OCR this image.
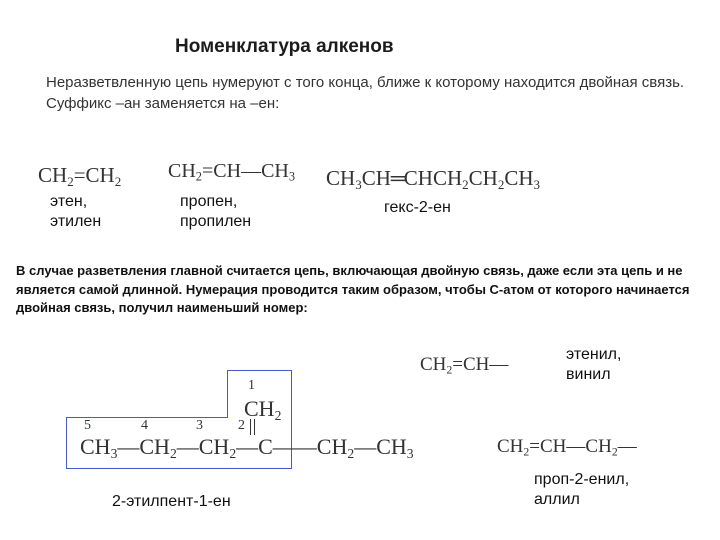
Номенклатура алкенов
Неразветвленную цепь нумеруют с того конца, ближе к которому находится двойная связь. Суффикс –ан заменяется на –ен:
$CH_2=CH_2$
этен,
этилен
$CH_2=CH—CH_3$
пропен,
пропилен
$CH_3CH═CHCH_2CH_2CH_3$
гекс-2-ен
В случае разветвления главной считается цепь, включающая двойную связь, даже если эта цепь и не является самой длинной. Нумерация проводится таким образом, чтобы С-атом от которого начинается двойная связь, получил наименьший номер:
1
$CH_2$
2
3
4
5
$CH_3—CH_2—CH_2—C——CH_2—CH_3$
2-этилпент-1-ен
$CH_2=CH—$	этенил,
винил
$CH_2=CH—CH_2—$
проп-2-енил,
аллил
